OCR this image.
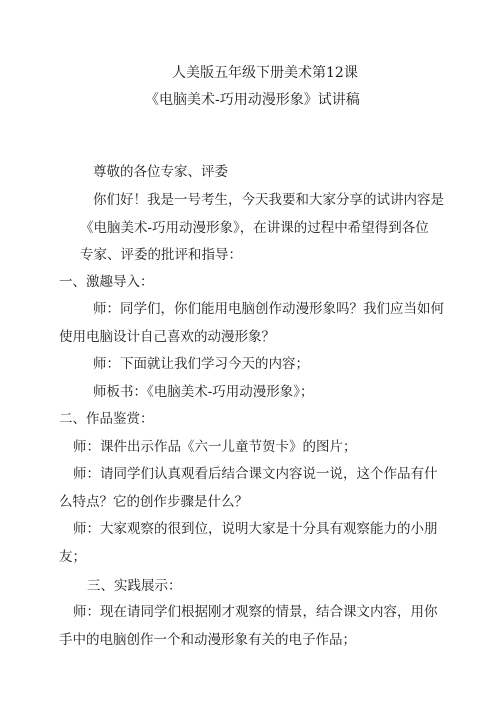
人美版五年级下册美术第12课
《电脑美术-巧用动漫形象》试讲稿
尊敬的各位专家、评委
你们好！我是一号考生，今天我要和大家分享的试讲内容是
《电脑美术-巧用动漫形象》，在讲课的过程中希望得到各位
专家、评委的批评和指导：
一、激趣导入：
师：同学们，你们能用电脑创作动漫形象吗？我们应当如何
使用电脑设计自己喜欢的动漫形象？
师：下面就让我们学习今天的内容；
师板书：《电脑美术-巧用动漫形象》；
二、作品鉴赏：
师：课件出示作品《六一儿童节贺卡》的图片；
师：请同学们认真观看后结合课文内容说一说，这个作品有什
么特点？它的创作步骤是什么？
师：大家观察的很到位，说明大家是十分具有观察能力的小朋
友；
三、实践展示：
师：现在请同学们根据刚才观察的情景，结合课文内容，用你
手中的电脑创作一个和动漫形象有关的电子作品；
